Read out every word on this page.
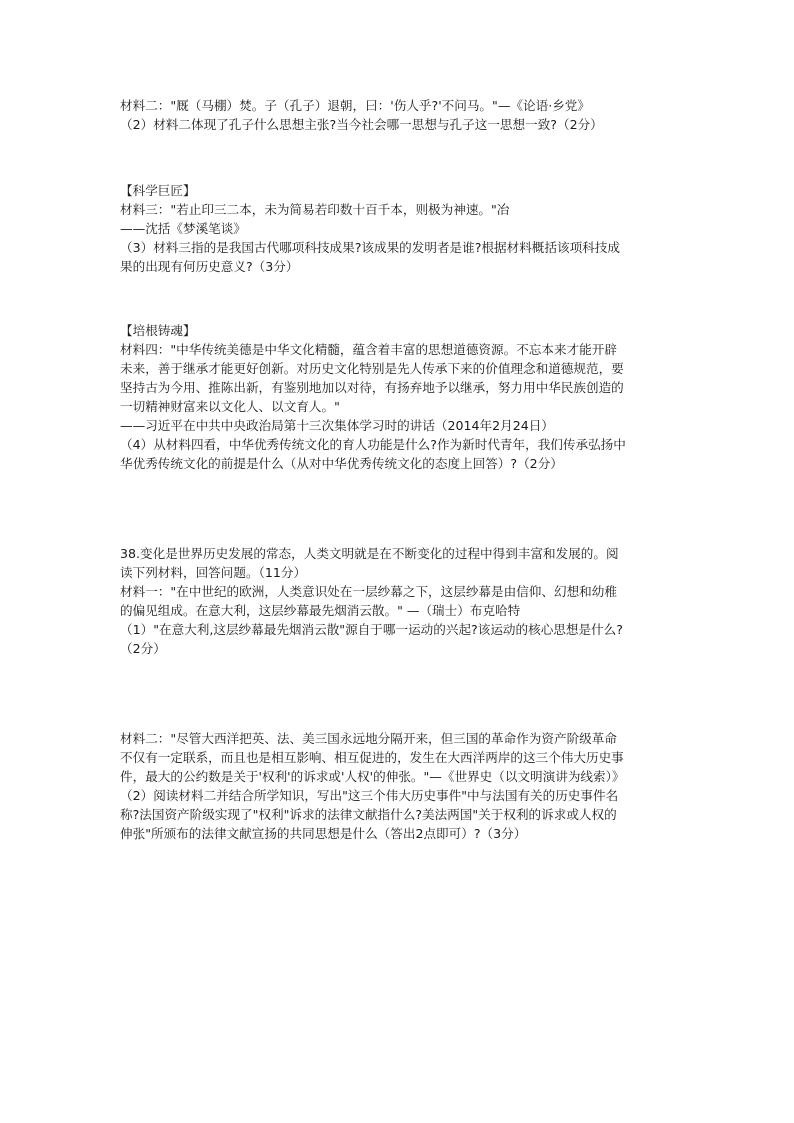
材料二："厩（马棚）焚。子（孔子）退朝，曰：'伤人乎?'不问马。"—《论语·乡党》
（2）材料二体现了孔子什么思想主张?当今社会哪一思想与孔子这一思想一致?（2分）
【科学巨匠】
材料三："若止印三二本，未为简易若印数十百千本，则极为神速。"冶
——沈括《梦溪笔谈》
（3）材料三指的是我国古代哪项科技成果?该成果的发明者是谁?根据材料概括该项科技成
果的出现有何历史意义?（3分）
【培根铸魂】
材料四："中华传统美德是中华文化精髓，蕴含着丰富的思想道德资源。不忘本来才能开辟
未来，善于继承才能更好创新。对历史文化特别是先人传承下来的价值理念和道德规范，要
坚持古为今用、推陈出新，有鉴别地加以对待，有扬弃地予以继承，努力用中华民族创造的
一切精神财富来以文化人、以文育人。"
——习近平在中共中央政治局第十三次集体学习时的讲话（2014年2月24日）
（4）从材料四看，中华优秀传统文化的育人功能是什么?作为新时代青年，我们传承弘扬中
华优秀传统文化的前提是什么（从对中华优秀传统文化的态度上回答）?（2分）
38.变化是世界历史发展的常态，人类文明就是在不断变化的过程中得到丰富和发展的。阅
读下列材料，回答问题。（11分）
材料一："在中世纪的欧洲，人类意识处在一层纱幕之下，这层纱幕是由信仰、幻想和幼稚
的偏见组成。在意大利，这层纱幕最先烟消云散。" —（瑞士）布克哈特
（1）"在意大利,这层纱幕最先烟消云散"源自于哪一运动的兴起?该运动的核心思想是什么?
（2分）
材料二："尽管大西洋把英、法、美三国永远地分隔开来，但三国的革命作为资产阶级革命
不仅有一定联系，而且也是相互影响、相互促进的，发生在大西洋两岸的这三个伟大历史事
件，最大的公约数是关于'权利'的诉求或'人权'的伸张。"—《世界史（以文明演讲为线索）》
（2）阅读材料二并结合所学知识，写出"这三个伟大历史事件"中与法国有关的历史事件名
称?法国资产阶级实现了"权利"诉求的法律文献指什么?美法两国"关于权利的诉求或人权的
伸张"所颁布的法律文献宣扬的共同思想是什么（答出2点即可）?（3分）
